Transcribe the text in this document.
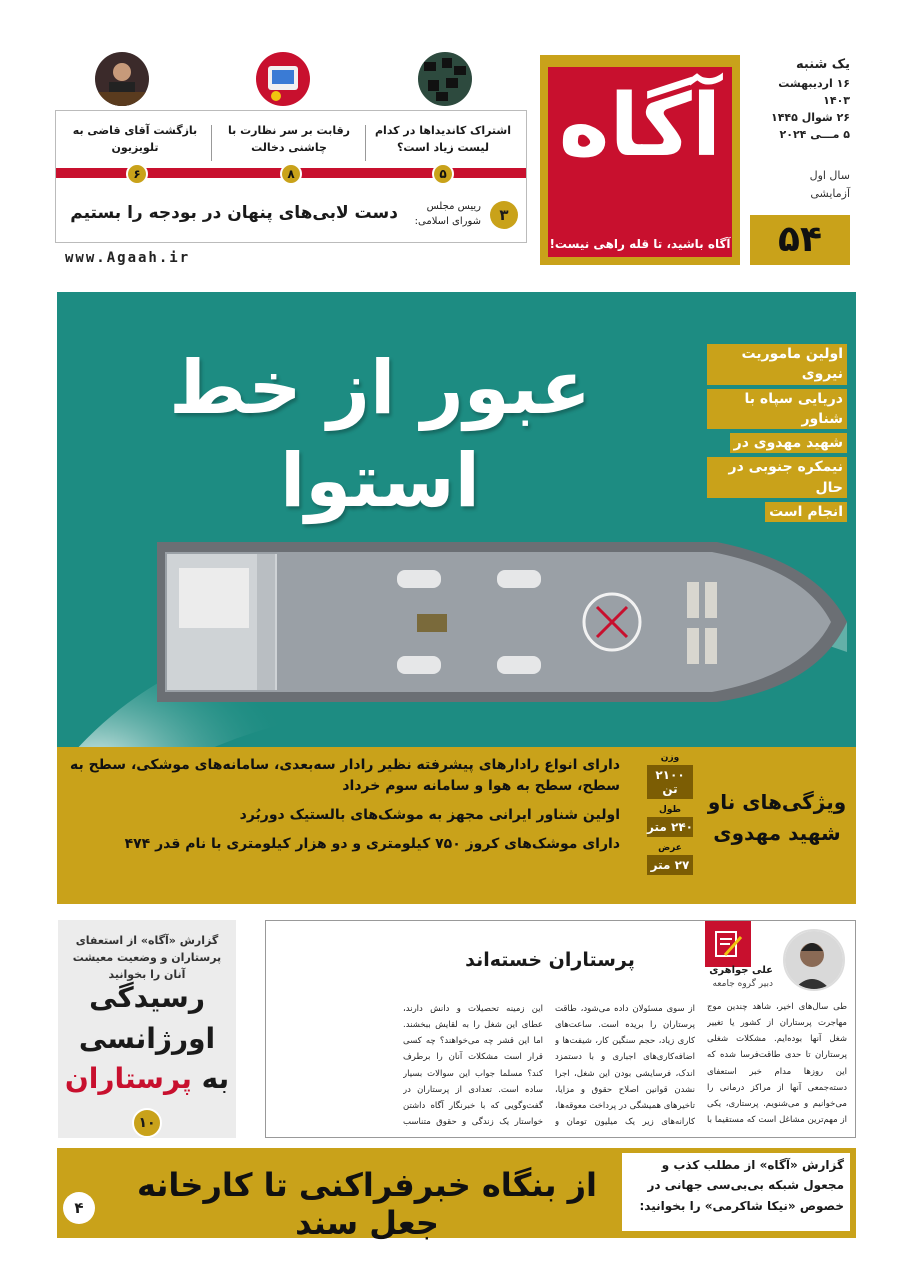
آگاه
آگاه باشید، تا قله راهی نیست!
یک شنبه
۱۶ اردیبهشت ۱۴۰۳
۲۶ شوال ۱۴۴۵
۵ مـــی ۲۰۲۴
سال اول
آزمایشی
۵۴
www.Agaah.ir
اشتراک کاندیداها در کدام لیست زیاد است؟
رقابت بر سر نظارت با چاشنی دخالت
بازگشت آقای قاضی به تلویزیون
۵
۸
۶
۳
رییس مجلس شورای اسلامی:
دست لابی‌های پنهان در بودجه را بستیم
عبور از خط استوا
اولین ماموریت نیروی
دریایی سپاه با شناور
شهید مهدوی در
نیمکره جنوبی در حال
انجام است

دارای انواع رادارهای پیشرفته نظیر رادار سه‌بعدی، سامانه‌های موشکی، سطح به سطح، سطح به هوا و سامانه سوم خرداد

اولین شناور ایرانی مجهز به موشک‌های بالستیک دوربُرد

دارای موشک‌های کروز ۷۵۰ کیلومتری و دو هزار کیلومتری با نام قدر ۴۷۴

وزن
۲۱۰۰ تن
طول
۲۴۰ متر
عرض
۲۷ متر
ویژگی‌های ناو شهید مهدوی
گزارش «آگاه» از استعفای پرستاران و وضعیت معیشت آنان را بخوانید
رسیدگی
اورژانسی
به پرستاران
۱۰
علی جواهری
دبیر گروه جامعه
پرستاران خسته‌اند
طی سال‌های اخیر، شاهد چندین موج مهاجرت پرستاران از کشور یا تغییر شغل آنها بوده‌ایم. مشکلات شغلی پرستاران تا حدی طاقت‌فرسا شده که این روزها مدام خبر استعفای دسته‌جمعی آنها از مراکز درمانی را می‌خوانیم و می‌شنویم. پرستاری، یکی از مهم‌ترین مشاغل است که مستقیما با
از سوی مسئولان داده می‌شود، طاقت پرستاران را بریده است. ساعت‌های کاری زیاد، حجم سنگین کار، شیفت‌ها و اضافه‌کاری‌های اجباری و با دستمزد اندک، فرسایشی بودن این شغل، اجرا نشدن قوانین اصلاح حقوق و مزایا، تاخیرهای همیشگی در پرداخت معوقه‌ها، کارانه‌های زیر یک میلیون تومان و
این زمینه تحصیلات و دانش دارند، عطای این شغل را به لقایش ببخشند. اما این قشر چه می‌خواهند؟ چه کسی قرار است مشکلات آنان را برطرف کند؟ مسلما جواب این سوالات بسیار ساده است. تعدادی از پرستاران در گفت‌وگویی که با خبرنگار آگاه داشتن خواستار یک زندگی و حقوق متناسب
گزارش «آگاه» از مطلب کذب و مجعول شبکه بی‌بی‌سی جهانی در خصوص «نیکا شاکرمی» را بخوانید:
از بنگاه خبرفراکنی تا کارخانه جعل سند
۴
